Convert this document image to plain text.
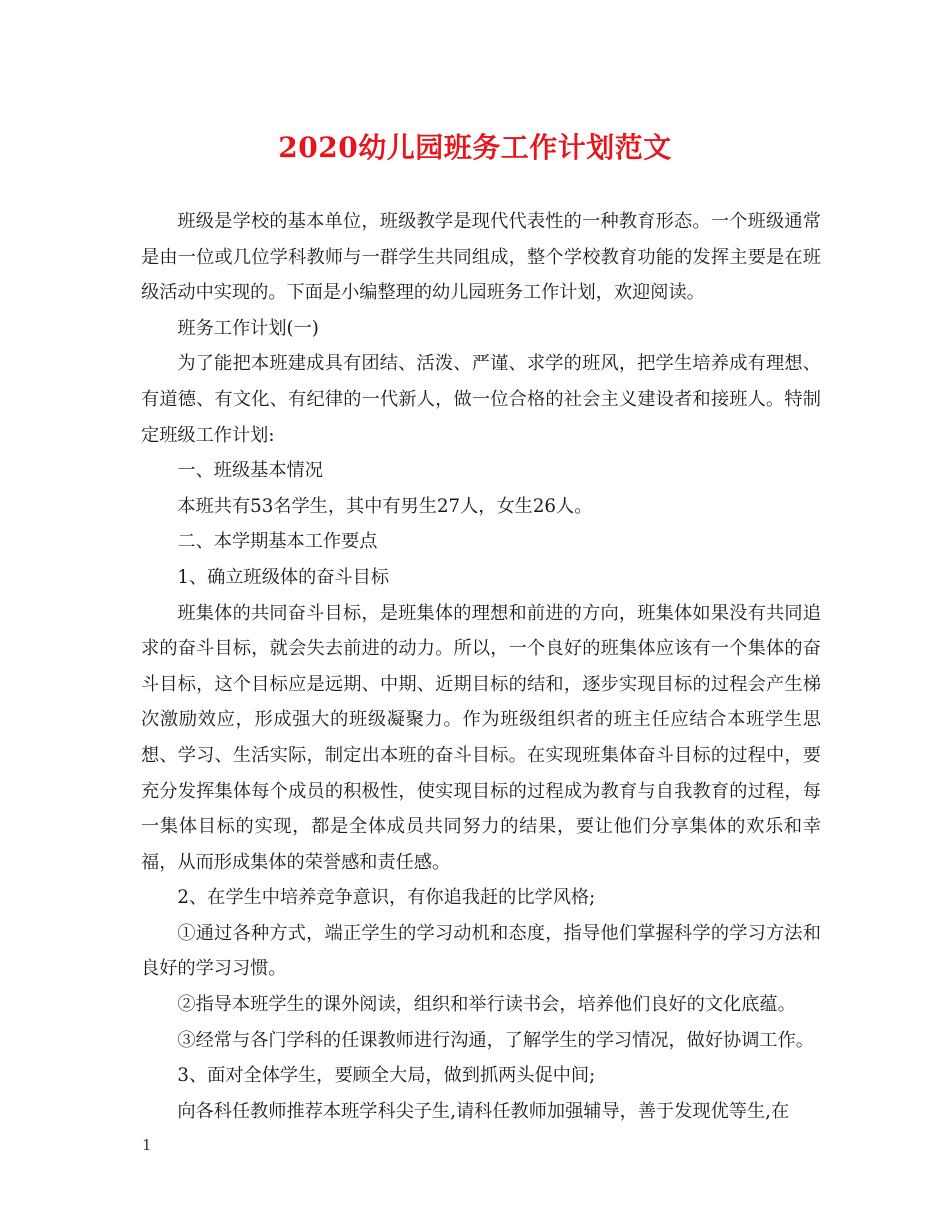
2020幼儿园班务工作计划范文

班级是学校的基本单位，班级教学是现代代表性的一种教育形态。一个班级通常是由一位或几位学科教师与一群学生共同组成，整个学校教育功能的发挥主要是在班级活动中实现的。下面是小编整理的幼儿园班务工作计划，欢迎阅读。

班务工作计划(一)

为了能把本班建成具有团结、活泼、严谨、求学的班风，把学生培养成有理想、有道德、有文化、有纪律的一代新人，做一位合格的社会主义建设者和接班人。特制定班级工作计划:

一、班级基本情况

本班共有53名学生，其中有男生27人，女生26人。

二、本学期基本工作要点

1、确立班级体的奋斗目标

班集体的共同奋斗目标，是班集体的理想和前进的方向，班集体如果没有共同追求的奋斗目标，就会失去前进的动力。所以，一个良好的班集体应该有一个集体的奋斗目标，这个目标应是远期、中期、近期目标的结和，逐步实现目标的过程会产生梯次激励效应，形成强大的班级凝聚力。作为班级组织者的班主任应结合本班学生思想、学习、生活实际，制定出本班的奋斗目标。在实现班集体奋斗目标的过程中，要充分发挥集体每个成员的积极性，使实现目标的过程成为教育与自我教育的过程，每一集体目标的实现，都是全体成员共同努力的结果，要让他们分享集体的欢乐和幸福，从而形成集体的荣誉感和责任感。

2、在学生中培养竞争意识，有你追我赶的比学风格;

①通过各种方式，端正学生的学习动机和态度，指导他们掌握科学的学习方法和良好的学习习惯。

②指导本班学生的课外阅读，组织和举行读书会，培养他们良好的文化底蕴。

③经常与各门学科的任课教师进行沟通，了解学生的学习情况，做好协调工作。

3、面对全体学生，要顾全大局，做到抓两头促中间;

向各科任教师推荐本班学科尖子生,请科任教师加强辅导，善于发现优等生,在

1
